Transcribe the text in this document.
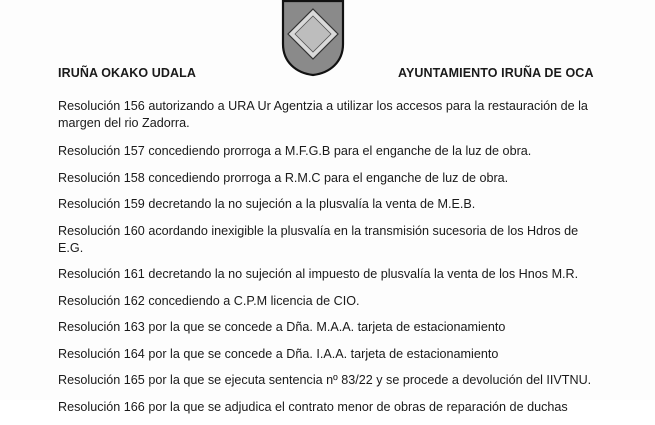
IRUÑA OKAKO UDALA	AYUNTAMIENTO IRUÑA DE OCA
Resolución 156 autorizando a URA Ur Agentzia a utilizar los accesos para la restauración de la margen del rio Zadorra.
Resolución 157 concediendo prorroga a M.F.G.B para el enganche de la luz de obra.
Resolución 158 concediendo prorroga a R.M.C para el enganche de luz de obra.
Resolución 159 decretando la no sujeción a la plusvalía la venta de M.E.B.
Resolución 160 acordando inexigible la plusvalía en la transmisión sucesoria de los Hdros de E.G.
Resolución 161 decretando la no sujeción al impuesto de plusvalía la venta de los Hnos M.R.
Resolución 162 concediendo a C.P.M licencia de CIO.
Resolución 163 por la que se concede a Dña. M.A.A. tarjeta de estacionamiento
Resolución 164 por la que se concede a Dña. I.A.A. tarjeta de estacionamiento
Resolución 165 por la que se ejecuta sentencia nº 83/22 y se procede a devolución del IIVTNU.
Resolución 166 por la que se adjudica el contrato menor de obras de reparación de duchas
